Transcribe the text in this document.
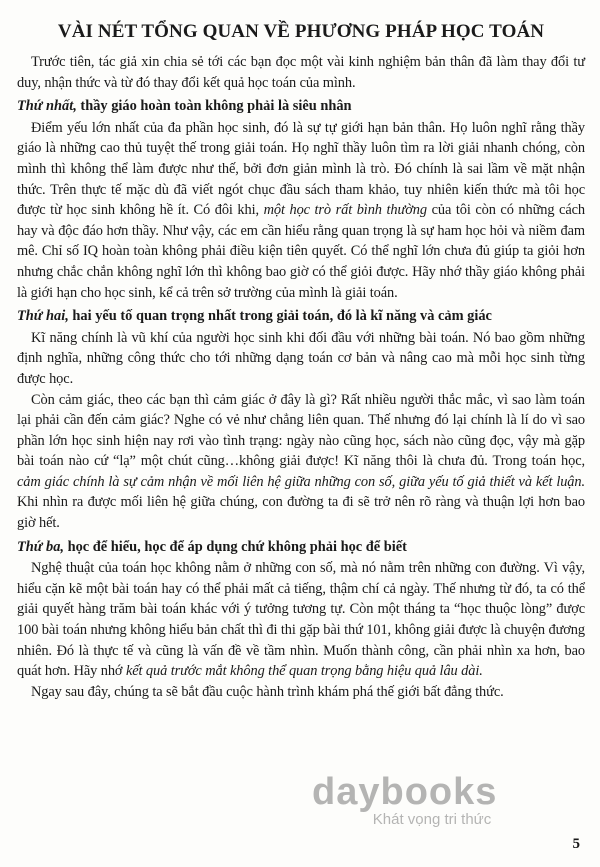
VÀI NÉT TỔNG QUAN VỀ PHƯƠNG PHÁP HỌC TOÁN

Trước tiên, tác giả xin chia sẻ tới các bạn đọc một vài kinh nghiệm bản thân đã làm thay đổi tư duy, nhận thức và từ đó thay đổi kết quả học toán của mình.

Thứ nhất, thầy giáo hoàn toàn không phải là siêu nhân

Điểm yếu lớn nhất của đa phần học sinh, đó là sự tự giới hạn bản thân. Họ luôn nghĩ rằng thầy giáo là những cao thủ tuyệt thế trong giải toán. Họ nghĩ thầy luôn tìm ra lời giải nhanh chóng, còn mình thì không thể làm được như thế, bởi đơn giản mình là trò. Đó chính là sai lầm về mặt nhận thức. Trên thực tế mặc dù đã viết ngót chục đầu sách tham khảo, tuy nhiên kiến thức mà tôi học được từ học sinh không hề ít. Có đôi khi, một học trò rất bình thường của tôi còn có những cách hay và độc đáo hơn thầy. Như vậy, các em cần hiểu rằng quan trọng là sự ham học hỏi và niềm đam mê. Chỉ số IQ hoàn toàn không phải điều kiện tiên quyết. Có thể nghĩ lớn chưa đủ giúp ta giỏi hơn nhưng chắc chắn không nghĩ lớn thì không bao giờ có thể giỏi được. Hãy nhớ thầy giáo không phải là giới hạn cho học sinh, kể cả trên sở trường của mình là giải toán.

Thứ hai, hai yếu tố quan trọng nhất trong giải toán, đó là kĩ năng và cảm giác

Kĩ năng chính là vũ khí của người học sinh khi đối đầu với những bài toán. Nó bao gồm những định nghĩa, những công thức cho tới những dạng toán cơ bản và nâng cao mà mỗi học sinh từng được học.

Còn cảm giác, theo các bạn thì cảm giác ở đây là gì? Rất nhiều người thắc mắc, vì sao làm toán lại phải cần đến cảm giác? Nghe có vẻ như chẳng liên quan. Thế nhưng đó lại chính là lí do vì sao phần lớn học sinh hiện nay rơi vào tình trạng: ngày nào cũng học, sách nào cũng đọc, vậy mà gặp bài toán nào cứ “lạ” một chút cũng…không giải được! Kĩ năng thôi là chưa đủ. Trong toán học, cảm giác chính là sự cảm nhận về mối liên hệ giữa những con số, giữa yếu tố giả thiết và kết luận. Khi nhìn ra được mối liên hệ giữa chúng, con đường ta đi sẽ trở nên rõ ràng và thuận lợi hơn bao giờ hết.

Thứ ba, học để hiểu, học để áp dụng chứ không phải học để biết

Nghệ thuật của toán học không nằm ở những con số, mà nó nằm trên những con đường. Vì vậy, hiểu cặn kẽ một bài toán hay có thể phải mất cả tiếng, thậm chí cả ngày. Thế nhưng từ đó, ta có thể giải quyết hàng trăm bài toán khác với ý tưởng tương tự. Còn một tháng ta “học thuộc lòng” được 100 bài toán nhưng không hiểu bản chất thì đi thi gặp bài thứ 101, không giải được là chuyện đương nhiên. Đó là thực tế và cũng là vấn đề về tầm nhìn. Muốn thành công, cần phải nhìn xa hơn, bao quát hơn. Hãy nhớ kết quả trước mắt không thể quan trọng bằng hiệu quả lâu dài.

Ngay sau đây, chúng ta sẽ bắt đầu cuộc hành trình khám phá thế giới bất đẳng thức.

daybooks
Khát vọng tri thức
5
